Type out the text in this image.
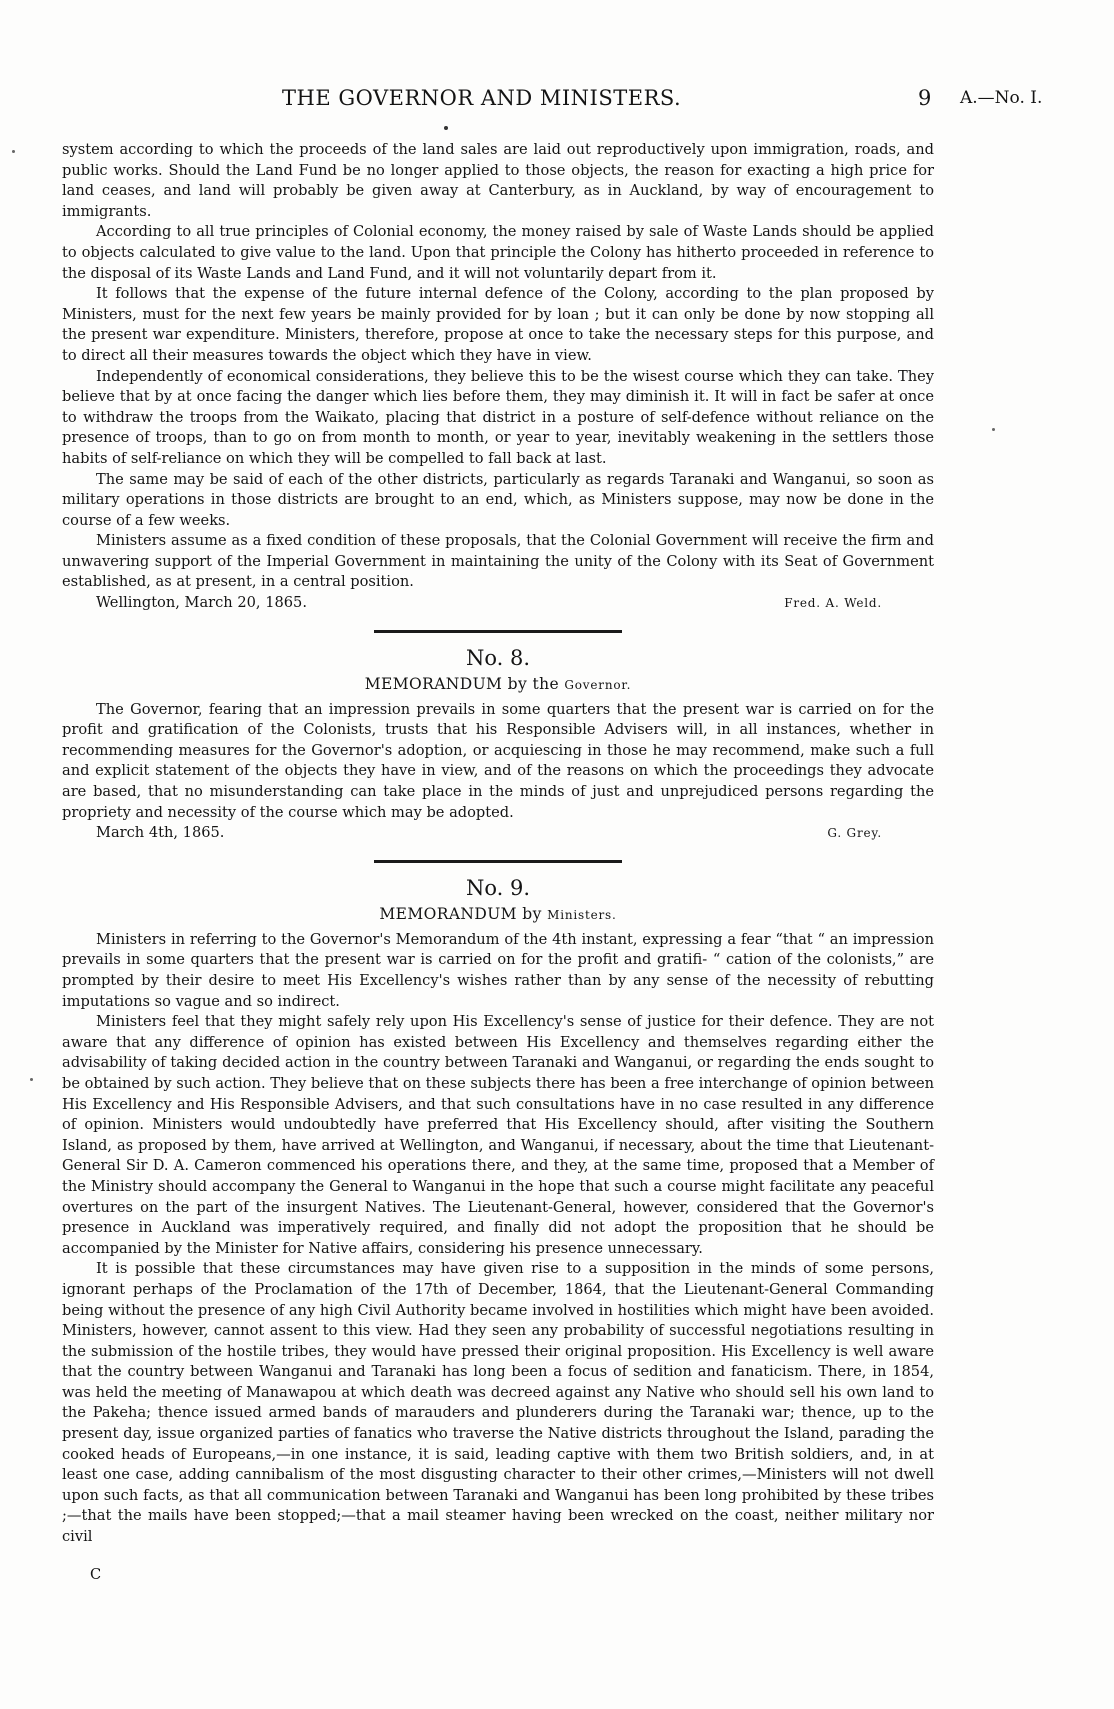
THE GOVERNOR AND MINISTERS.	9 A.—No. I.

system according to which the proceeds of the land sales are laid out reproductively upon immigration, roads, and public works. Should the Land Fund be no longer applied to those objects, the reason for exacting a high price for land ceases, and land will probably be given away at Canterbury, as in Auckland, by way of encouragement to immigrants.

According to all true principles of Colonial economy, the money raised by sale of Waste Lands should be applied to objects calculated to give value to the land. Upon that principle the Colony has hitherto proceeded in reference to the disposal of its Waste Lands and Land Fund, and it will not voluntarily depart from it.

It follows that the expense of the future internal defence of the Colony, according to the plan proposed by Ministers, must for the next few years be mainly provided for by loan ; but it can only be done by now stopping all the present war expenditure. Ministers, therefore, propose at once to take the necessary steps for this purpose, and to direct all their measures towards the object which they have in view.

Independently of economical considerations, they believe this to be the wisest course which they can take. They believe that by at once facing the danger which lies before them, they may diminish it. It will in fact be safer at once to withdraw the troops from the Waikato, placing that district in a posture of self-defence without reliance on the presence of troops, than to go on from month to month, or year to year, inevitably weakening in the settlers those habits of self-reliance on which they will be compelled to fall back at last.

The same may be said of each of the other districts, particularly as regards Taranaki and Wanganui, so soon as military operations in those districts are brought to an end, which, as Ministers suppose, may now be done in the course of a few weeks.

Ministers assume as a fixed condition of these proposals, that the Colonial Government will receive the firm and unwavering support of the Imperial Government in maintaining the unity of the Colony with its Seat of Government established, as at present, in a central position.

Wellington, March 20, 1865.	Fred. A. Weld.
No. 8.
MEMORANDUM by the Governor.

The Governor, fearing that an impression prevails in some quarters that the present war is carried on for the profit and gratification of the Colonists, trusts that his Responsible Advisers will, in all instances, whether in recommending measures for the Governor's adoption, or acquiescing in those he may recommend, make such a full and explicit statement of the objects they have in view, and of the reasons on which the proceedings they advocate are based, that no misunderstanding can take place in the minds of just and unprejudiced persons regarding the propriety and necessity of the course which may be adopted.

March 4th, 1865.	G. Grey.
No. 9.
MEMORANDUM by Ministers.

Ministers in referring to the Governor's Memorandum of the 4th instant, expressing a fear “that “ an impression prevails in some quarters that the present war is carried on for the profit and gratifi- “ cation of the colonists,” are prompted by their desire to meet His Excellency's wishes rather than by any sense of the necessity of rebutting imputations so vague and so indirect.

Ministers feel that they might safely rely upon His Excellency's sense of justice for their defence. They are not aware that any difference of opinion has existed between His Excellency and themselves regarding either the advisability of taking decided action in the country between Taranaki and Wanganui, or regarding the ends sought to be obtained by such action. They believe that on these subjects there has been a free interchange of opinion between His Excellency and His Responsible Advisers, and that such consultations have in no case resulted in any difference of opinion. Ministers would undoubtedly have preferred that His Excellency should, after visiting the Southern Island, as proposed by them, have arrived at Wellington, and Wanganui, if necessary, about the time that Lieutenant-General Sir D. A. Cameron commenced his operations there, and they, at the same time, proposed that a Member of the Ministry should accompany the General to Wanganui in the hope that such a course might facilitate any peaceful overtures on the part of the insurgent Natives. The Lieutenant-General, however, considered that the Governor's presence in Auckland was imperatively required, and finally did not adopt the proposition that he should be accompanied by the Minister for Native affairs, considering his presence unnecessary.

It is possible that these circumstances may have given rise to a supposition in the minds of some persons, ignorant perhaps of the Proclamation of the 17th of December, 1864, that the Lieutenant-General Commanding being without the presence of any high Civil Authority became involved in hostilities which might have been avoided. Ministers, however, cannot assent to this view. Had they seen any probability of successful negotiations resulting in the submission of the hostile tribes, they would have pressed their original proposition. His Excellency is well aware that the country between Wanganui and Taranaki has long been a focus of sedition and fanaticism. There, in 1854, was held the meeting of Manawapou at which death was decreed against any Native who should sell his own land to the Pakeha; thence issued armed bands of marauders and plunderers during the Taranaki war; thence, up to the present day, issue organized parties of fanatics who traverse the Native districts throughout the Island, parading the cooked heads of Europeans,—in one instance, it is said, leading captive with them two British soldiers, and, in at least one case, adding cannibalism of the most disgusting character to their other crimes,—Ministers will not dwell upon such facts, as that all communication between Taranaki and Wanganui has been long prohibited by these tribes ;—that the mails have been stopped;—that a mail steamer having been wrecked on the coast, neither military nor civil

C
